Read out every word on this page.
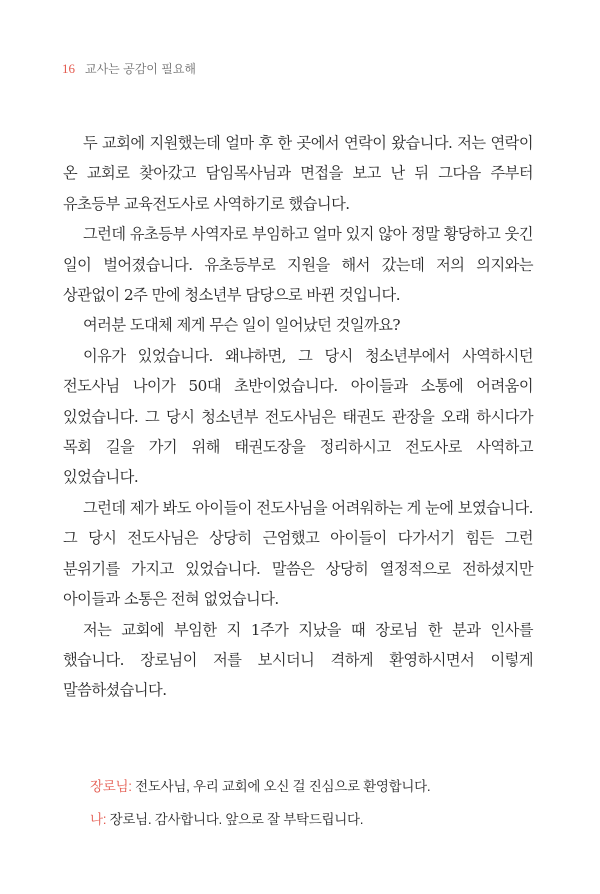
16 교사는 공감이 필요해

두 교회에 지원했는데 얼마 후 한 곳에서 연락이 왔습니다. 저는 연락이 온 교회로 찾아갔고 담임목사님과 면접을 보고 난 뒤 그다음 주부터 유초등부 교육전도사로 사역하기로 했습니다.

그런데 유초등부 사역자로 부임하고 얼마 있지 않아 정말 황당하고 웃긴 일이 벌어졌습니다. 유초등부로 지원을 해서 갔는데 저의 의지와는 상관없이 2주 만에 청소년부 담당으로 바뀐 것입니다.

여러분 도대체 제게 무슨 일이 일어났던 것일까요?

이유가 있었습니다. 왜냐하면, 그 당시 청소년부에서 사역하시던 전도사님 나이가 50대 초반이었습니다. 아이들과 소통에 어려움이 있었습니다. 그 당시 청소년부 전도사님은 태권도 관장을 오래 하시다가 목회 길을 가기 위해 태권도장을 정리하시고 전도사로 사역하고 있었습니다.

그런데 제가 봐도 아이들이 전도사님을 어려워하는 게 눈에 보였습니다. 그 당시 전도사님은 상당히 근엄했고 아이들이 다가서기 힘든 그런 분위기를 가지고 있었습니다. 말씀은 상당히 열정적으로 전하셨지만 아이들과 소통은 전혀 없었습니다.

저는 교회에 부임한 지 1주가 지났을 때 장로님 한 분과 인사를 했습니다. 장로님이 저를 보시더니 격하게 환영하시면서 이렇게 말씀하셨습니다.

장로님: 전도사님, 우리 교회에 오신 걸 진심으로 환영합니다.

나: 장로님. 감사합니다. 앞으로 잘 부탁드립니다.
